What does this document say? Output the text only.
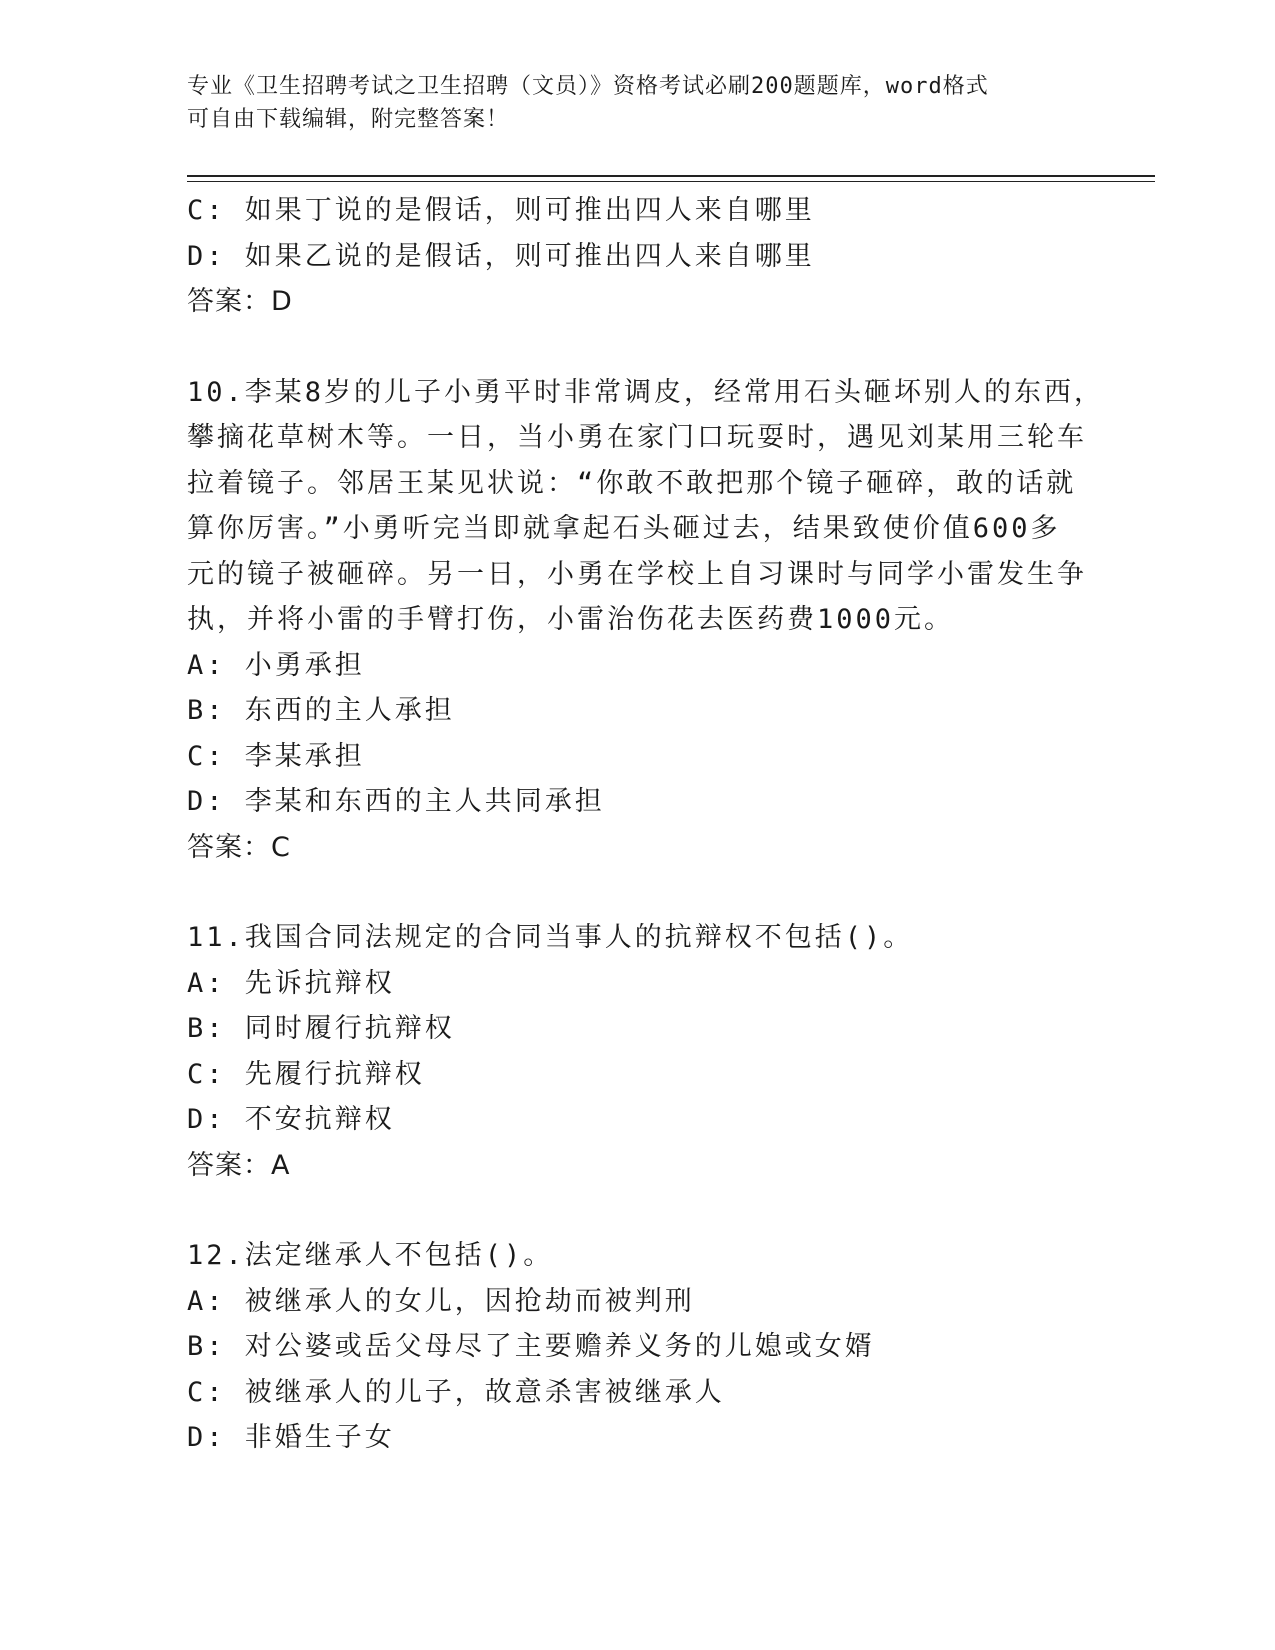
专业《卫生招聘考试之卫生招聘（文员）》资格考试必刷200题题库，word格式
可自由下载编辑，附完整答案！
C: 如果丁说的是假话，则可推出四人来自哪里
D: 如果乙说的是假话，则可推出四人来自哪里
答案：D
10.李某8岁的儿子小勇平时非常调皮，经常用石头砸坏别人的东西，
攀摘花草树木等。一日，当小勇在家门口玩耍时，遇见刘某用三轮车
拉着镜子。邻居王某见状说：“你敢不敢把那个镜子砸碎，敢的话就
算你厉害。”小勇听完当即就拿起石头砸过去，结果致使价值600多
元的镜子被砸碎。另一日，小勇在学校上自习课时与同学小雷发生争
执，并将小雷的手臂打伤，小雷治伤花去医药费1000元。
A: 小勇承担
B: 东西的主人承担
C: 李某承担
D: 李某和东西的主人共同承担
答案：C
11.我国合同法规定的合同当事人的抗辩权不包括()。
A: 先诉抗辩权
B: 同时履行抗辩权
C: 先履行抗辩权
D: 不安抗辩权
答案：A
12.法定继承人不包括()。
A: 被继承人的女儿，因抢劫而被判刑
B: 对公婆或岳父母尽了主要赡养义务的儿媳或女婿
C: 被继承人的儿子，故意杀害被继承人
D: 非婚生子女
